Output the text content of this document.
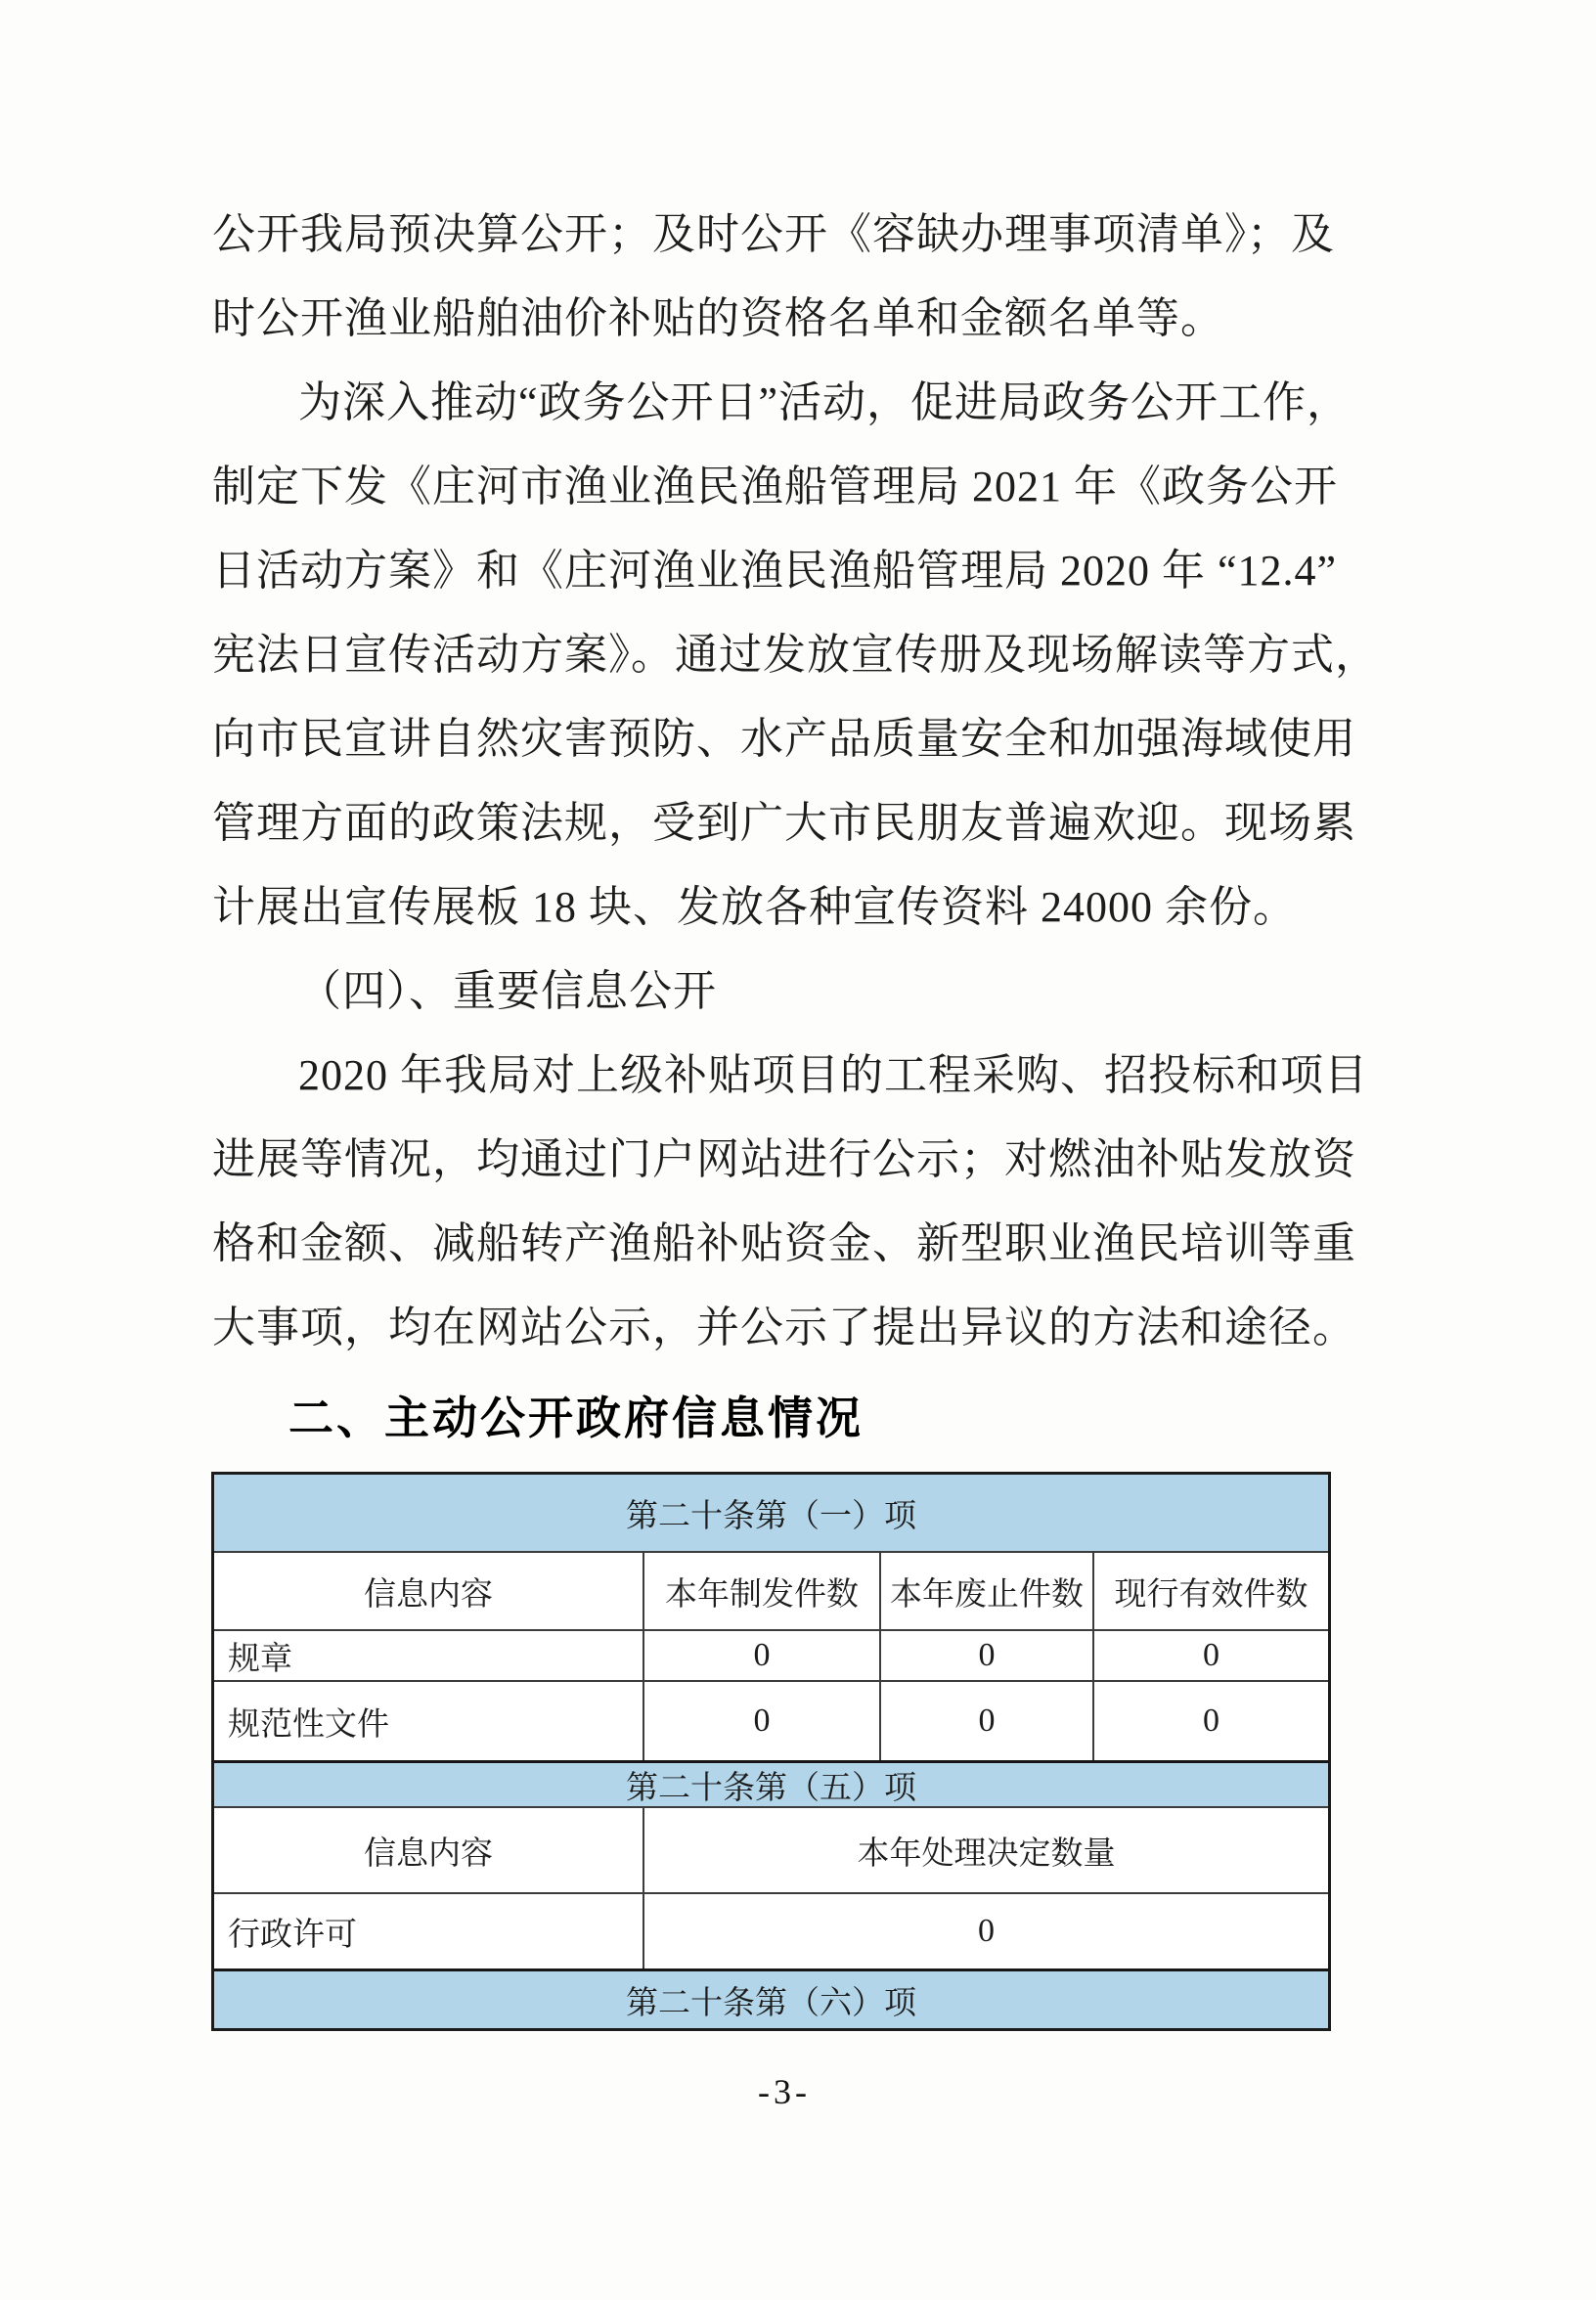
公开我局预决算公开；及时公开《容缺办理事项清单》；及
时公开渔业船舶油价补贴的资格名单和金额名单等。
为深入推动“政务公开日”活动，促进局政务公开工作，
制定下发《庄河市渔业渔民渔船管理局 2021 年《政务公开
日活动方案》和《庄河渔业渔民渔船管理局 2020 年 “12.4”
宪法日宣传活动方案》。通过发放宣传册及现场解读等方式，
向市民宣讲自然灾害预防、水产品质量安全和加强海域使用
管理方面的政策法规，受到广大市民朋友普遍欢迎。现场累
计展出宣传展板 18 块、发放各种宣传资料 24000 余份。
（四）、重要信息公开
2020 年我局对上级补贴项目的工程采购、招投标和项目
进展等情况，均通过门户网站进行公示；对燃油补贴发放资
格和金额、减船转产渔船补贴资金、新型职业渔民培训等重
大事项，均在网站公示，并公示了提出异议的方法和途径。
二、主动公开政府信息情况
第二十条第（一）项
信息内容	本年制发件数 本年废止件数 现行有效件数
规章	0	0	0
规范性文件	0	0	0
第二十条第（五）项
信息内容	本年处理决定数量
行政许可	0
第二十条第（六）项
-3-
